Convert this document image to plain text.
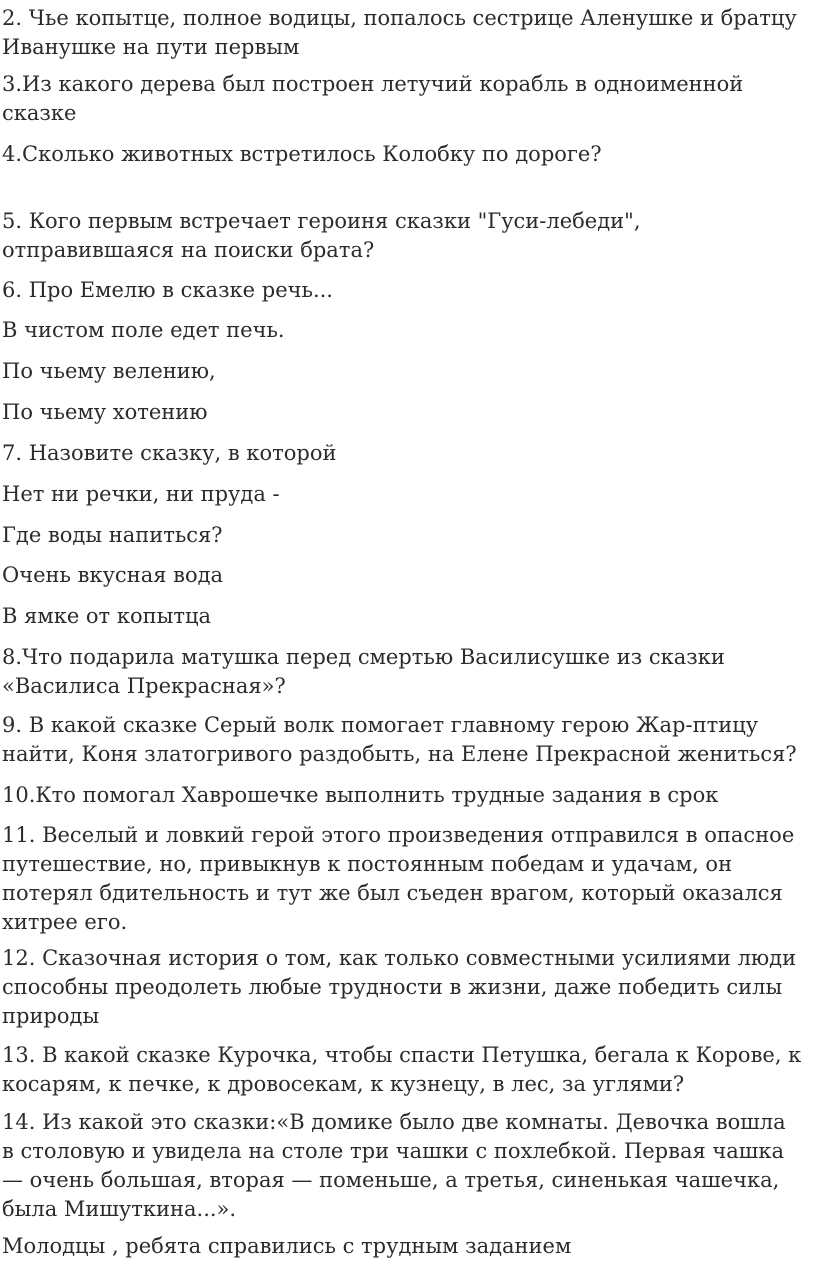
2. Чье копытце, полное водицы, попалось сестрице Аленушке и братцу Иванушке на пути первым

3.Из какого дерева был построен летучий корабль в одноименной сказке

4.Сколько животных встретилось Колобку по дороге?

5. Кого первым встречает героиня сказки "Гуси-лебеди", отправившаяся на поиски брата?

6. Про Емелю в сказке речь...

В чистом поле едет печь.

По чьему велению,

По чьему хотению

7. Назовите сказку, в которой

Нет ни речки, ни пруда -

Где воды напиться?

Очень вкусная вода

В ямке от копытца

8.Что подарила матушка перед смертью Василисушке из сказки «Василиса Прекрасная»?

9. В какой сказке Серый волк помогает главному герою Жар-птицу найти, Коня златогривого раздобыть, на Елене Прекрасной жениться?

10.Кто помогал Хаврошечке выполнить трудные задания в срок

11. Веселый и ловкий герой этого произведения отправился в опасное путешествие, но, привыкнув к постоянным победам и удачам, он потерял бдительность и тут же был съеден врагом, который оказался хитрее его.

12. Сказочная история о том, как только совместными усилиями люди способны преодолеть любые трудности в жизни, даже победить силы природы

13. В какой сказке Курочка, чтобы спасти Петушка, бегала к Корове, к косарям, к печке, к дровосекам, к кузнецу, в лес, за углями?

14. Из какой это сказки:«В домике было две комнаты. Девочка вошла в столовую и увидела на столе три чашки с похлебкой. Первая чашка — очень большая, вторая — поменьше, а третья, синенькая чашечка, была Мишуткина...».

Молодцы , ребята справились с трудным заданием
